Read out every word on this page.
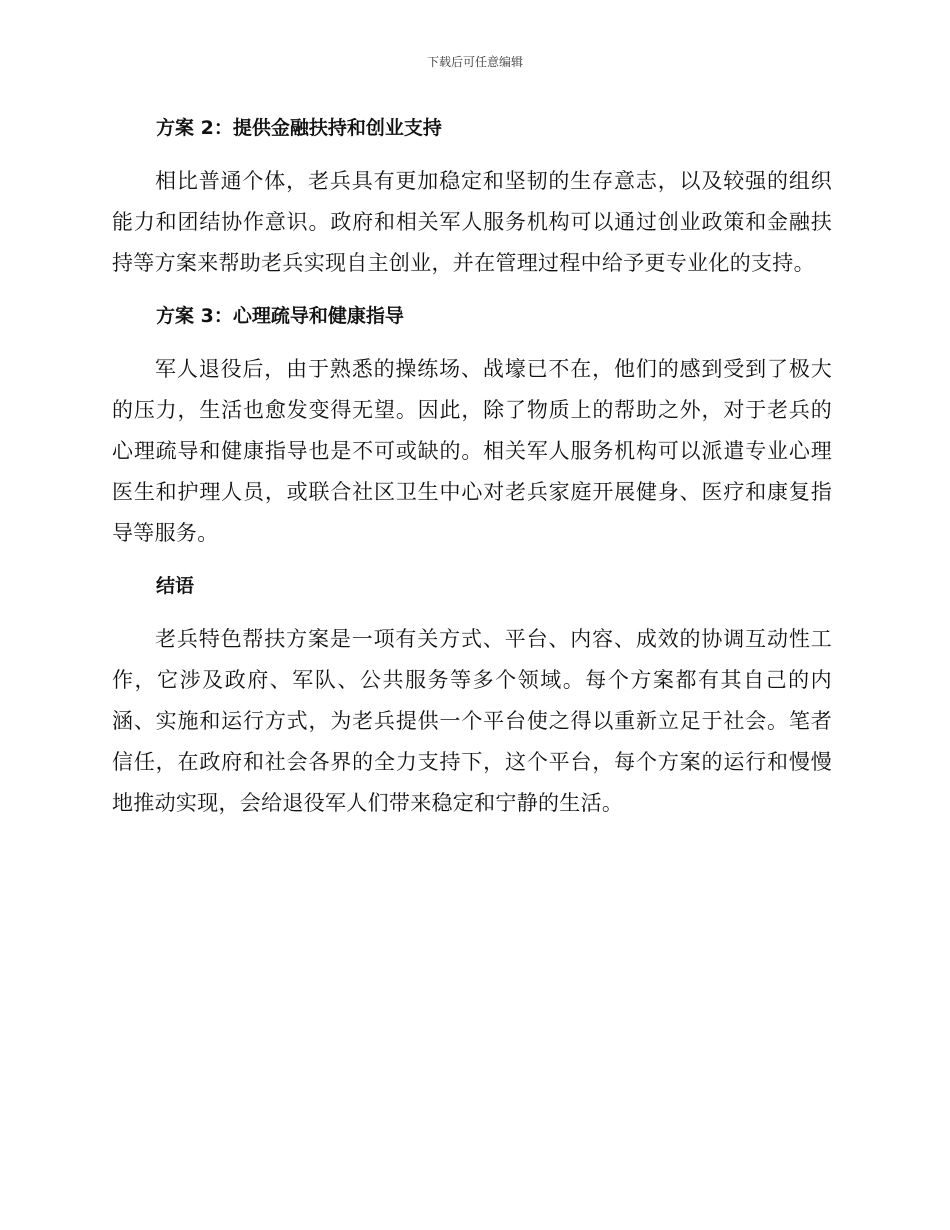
下载后可任意编辑
方案 2：提供金融扶持和创业支持

相比普通个体，老兵具有更加稳定和坚韧的生存意志，以及较强的组织能力和团结协作意识。政府和相关军人服务机构可以通过创业政策和金融扶持等方案来帮助老兵实现自主创业，并在管理过程中给予更专业化的支持。

方案 3：心理疏导和健康指导

军人退役后，由于熟悉的操练场、战壕已不在，他们的感到受到了极大的压力，生活也愈发变得无望。因此，除了物质上的帮助之外，对于老兵的心理疏导和健康指导也是不可或缺的。相关军人服务机构可以派遣专业心理医生和护理人员，或联合社区卫生中心对老兵家庭开展健身、医疗和康复指导等服务。

结语

老兵特色帮扶方案是一项有关方式、平台、内容、成效的协调互动性工作，它涉及政府、军队、公共服务等多个领域。每个方案都有其自己的内涵、实施和运行方式，为老兵提供一个平台使之得以重新立足于社会。笔者信任，在政府和社会各界的全力支持下，这个平台，每个方案的运行和慢慢地推动实现，会给退役军人们带来稳定和宁静的生活。
